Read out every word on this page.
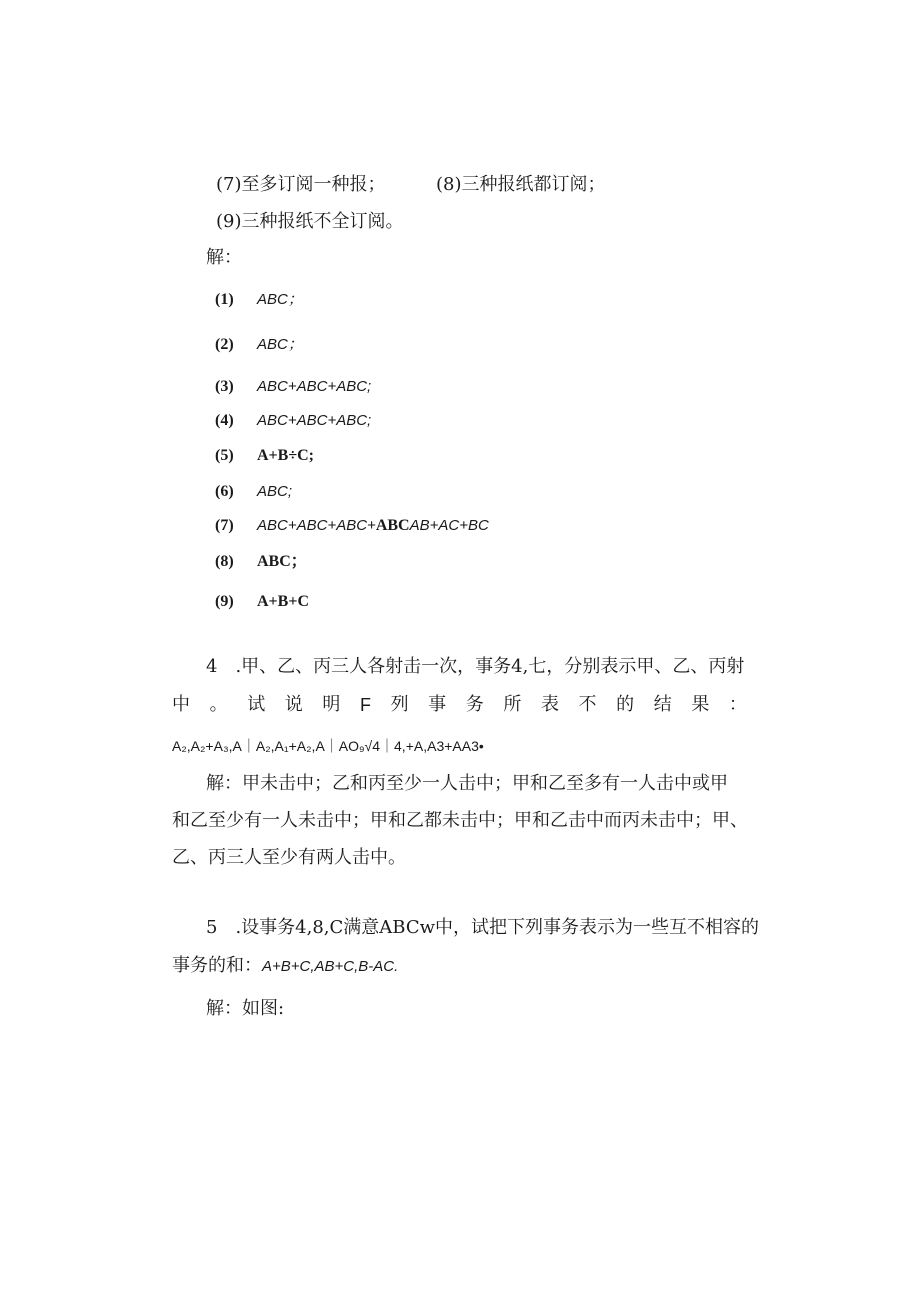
(7)至多订阅一种报；	(8)三种报纸都订阅；
(9)三种报纸不全订阅。
解：
(1) ABC；
(2) ABC；
(3) ABC+ABC+ABC;
(4) ABC+ABC+ABC;
(5) A+B÷C;
(6) ABC;
(7) ABC+ABC+ABC+ABCAB+AC+BC
(8) ABC；
(9) A+B+C
4　.甲、乙、丙三人各射击一次，事务4,七，分别表示甲、乙、丙射
中 。 试 说 明 F 列 事 务 所 表 不 的 结 果 ：
A₂,A₂+A₃,A｜A₂,A₁+A₂,A｜AO₉√4｜4,+A,A3+AA3•
解：甲未击中；乙和丙至少一人击中；甲和乙至多有一人击中或甲
和乙至少有一人未击中；甲和乙都未击中；甲和乙击中而丙未击中；甲、
乙、丙三人至少有两人击中。
5　.设事务4,8,C满意ABCw中，试把下列事务表示为一些互不相容的
事务的和：A+B+C,AB+C,B-AC.
解：如图:
